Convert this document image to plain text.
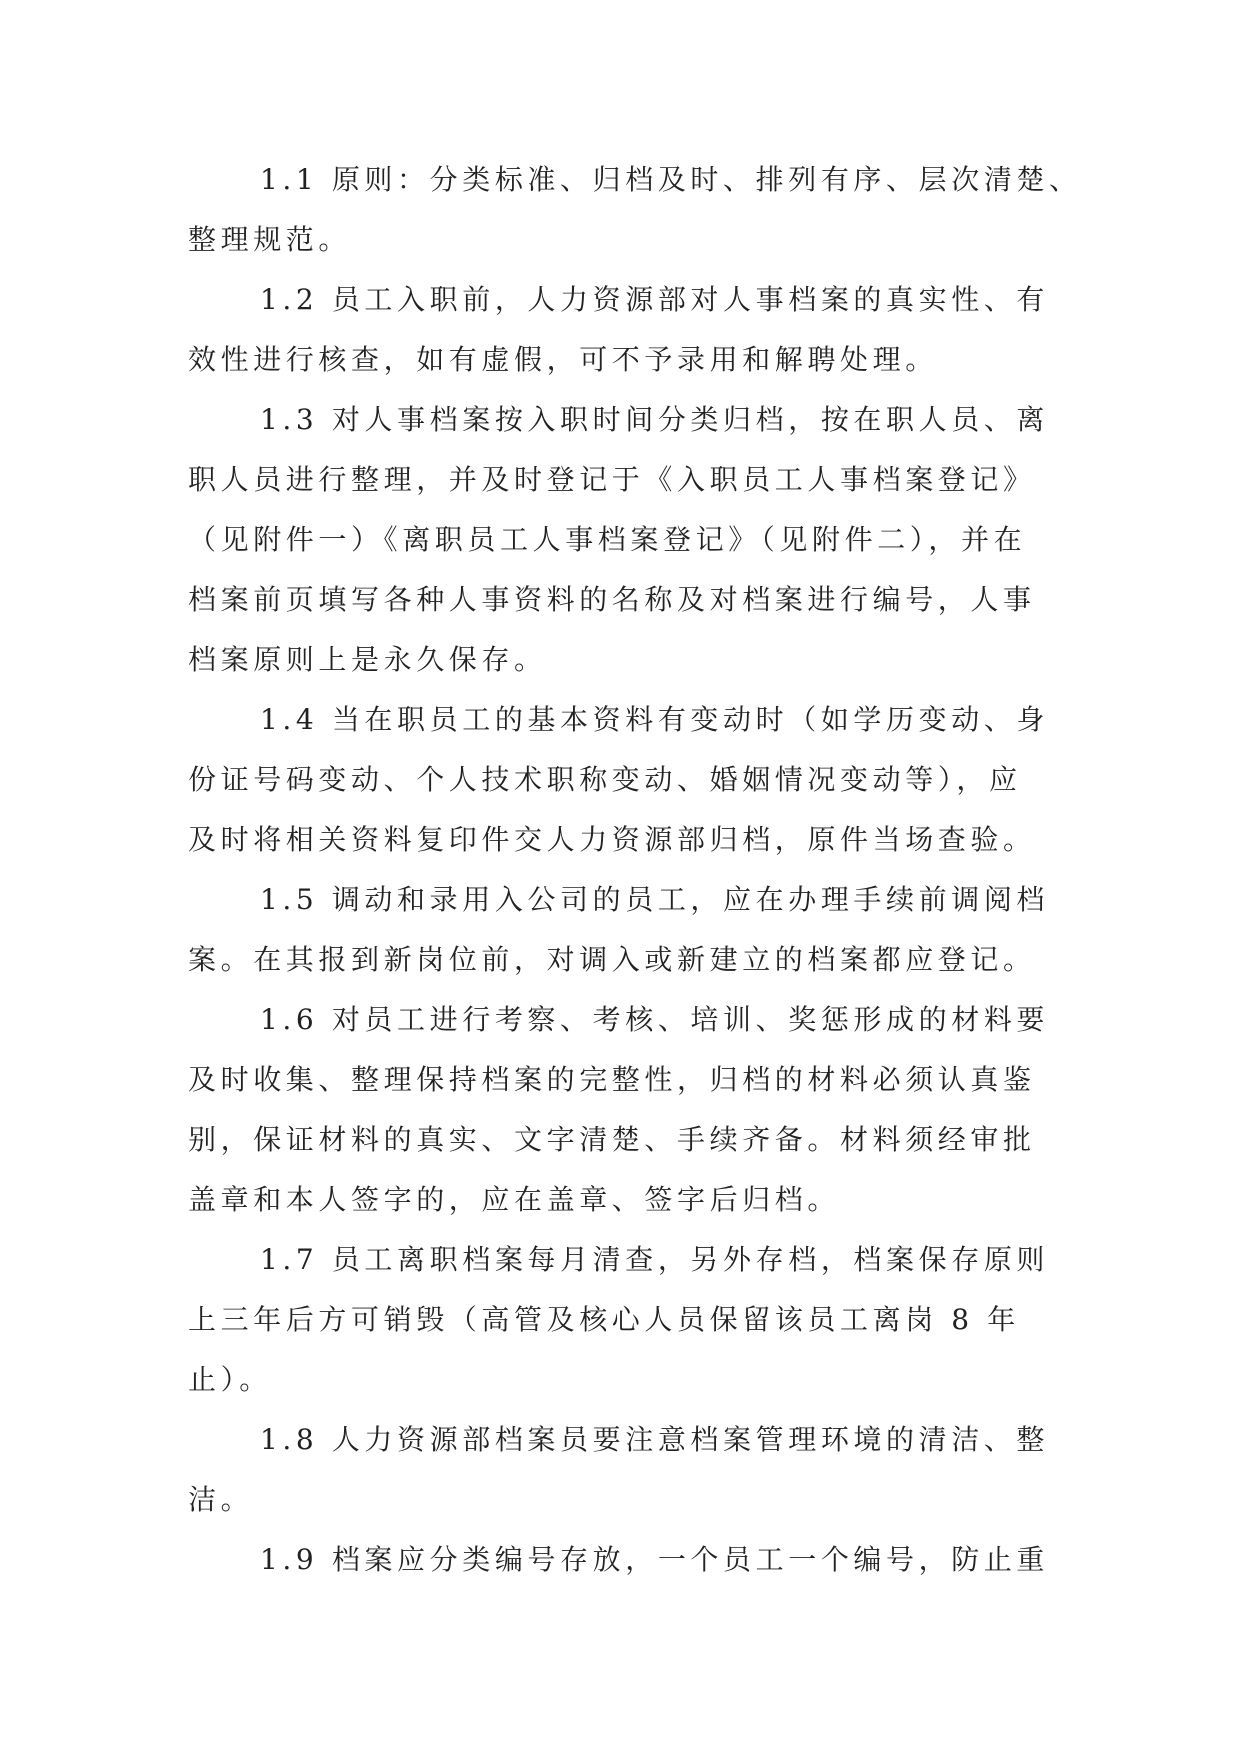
1.1 原则：分类标准、归档及时、排列有序、层次清楚、
整理规范。
1.2 员工入职前，人力资源部对人事档案的真实性、有
效性进行核查，如有虚假，可不予录用和解聘处理。
1.3 对人事档案按入职时间分类归档，按在职人员、离
职人员进行整理，并及时登记于《入职员工人事档案登记》
（见附件一）《离职员工人事档案登记》（见附件二），并在
档案前页填写各种人事资料的名称及对档案进行编号，人事
档案原则上是永久保存。
1.4 当在职员工的基本资料有变动时（如学历变动、身
份证号码变动、个人技术职称变动、婚姻情况变动等），应
及时将相关资料复印件交人力资源部归档，原件当场查验。
1.5 调动和录用入公司的员工，应在办理手续前调阅档
案。在其报到新岗位前，对调入或新建立的档案都应登记。
1.6 对员工进行考察、考核、培训、奖惩形成的材料要
及时收集、整理保持档案的完整性，归档的材料必须认真鉴
别，保证材料的真实、文字清楚、手续齐备。材料须经审批
盖章和本人签字的，应在盖章、签字后归档。
1.7 员工离职档案每月清查，另外存档，档案保存原则
上三年后方可销毁（高管及核心人员保留该员工离岗 8 年
止）。
1.8 人力资源部档案员要注意档案管理环境的清洁、整
洁。
1.9 档案应分类编号存放，一个员工一个编号，防止重
